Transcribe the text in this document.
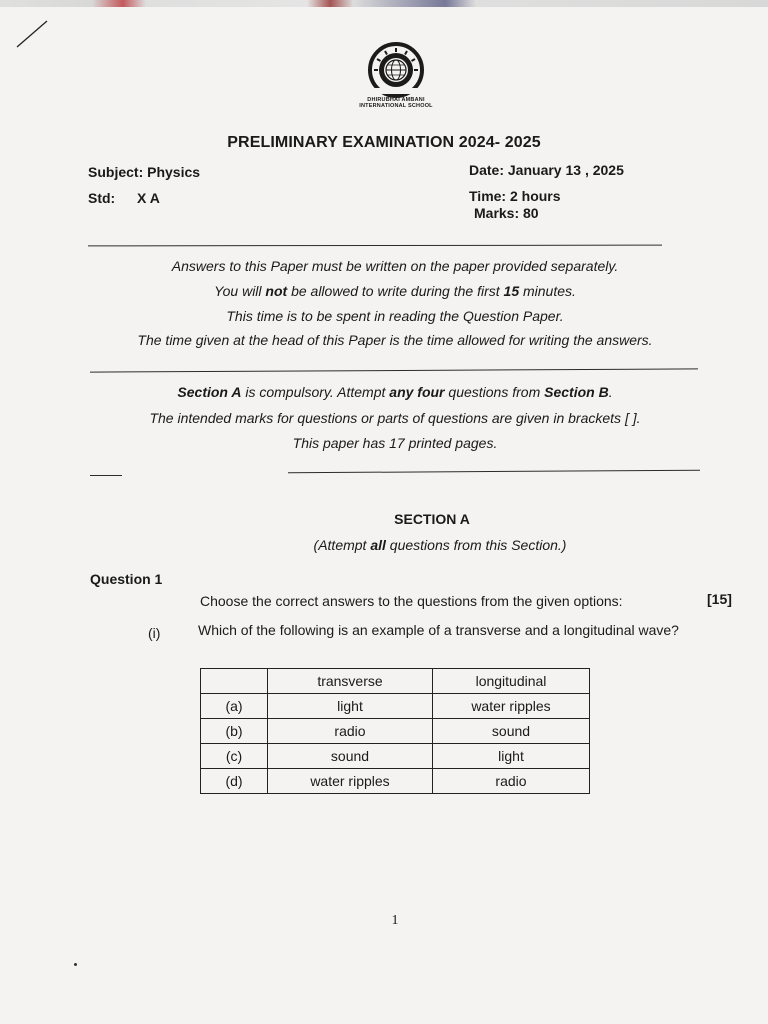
DHIRUBHAI AMBANI
INTERNATIONAL SCHOOL
PRELIMINARY EXAMINATION 2024- 2025
Subject: Physics	Date: January 13 , 2025
Std: X A	Time: 2 hours
Marks: 80
Answers to this Paper must be written on the paper provided separately.
You will not be allowed to write during the first 15 minutes.
This time is to be spent in reading the Question Paper.
The time given at the head of this Paper is the time allowed for writing the answers.
Section A is compulsory. Attempt any four questions from Section B.
The intended marks for questions or parts of questions are given in brackets [ ].
This paper has 17 printed pages.
SECTION A
(Attempt all questions from this Section.)
Question 1
Choose the correct answers to the questions from the given options:	[15]
(i)	Which of the following is an example of a transverse and a longitudinal wave?
	transverse	longitudinal
(a)	light	water ripples
(b)	radio	sound
(c)	sound	light
(d)	water ripples	radio
1
